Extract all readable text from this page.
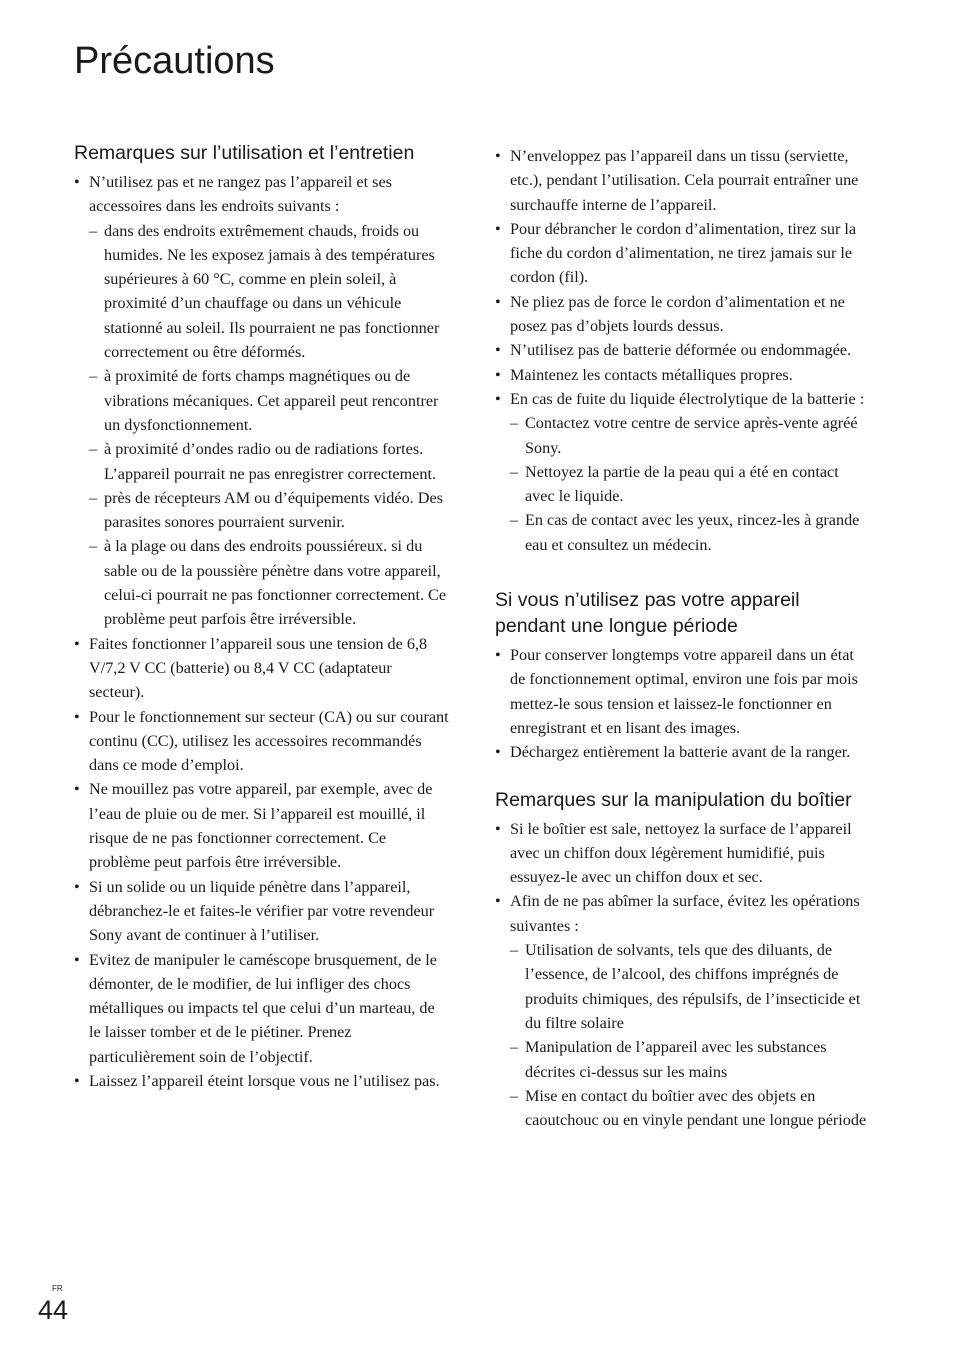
Précautions
Remarques sur l’utilisation et l’entretien
• N’utilisez pas et ne rangez pas l’appareil et ses accessoires dans les endroits suivants :
– dans des endroits extrêmement chauds, froids ou humides. Ne les exposez jamais à des températures supérieures à 60 °C, comme en plein soleil, à proximité d’un chauffage ou dans un véhicule stationné au soleil. Ils pourraient ne pas fonctionner correctement ou être déformés.
– à proximité de forts champs magnétiques ou de vibrations mécaniques. Cet appareil peut rencontrer un dysfonctionnement.
– à proximité d’ondes radio ou de radiations fortes. L’appareil pourrait ne pas enregistrer correctement.
– près de récepteurs AM ou d’équipements vidéo. Des parasites sonores pourraient survenir.
– à la plage ou dans des endroits poussiéreux. si du sable ou de la poussière pénètre dans votre appareil, celui-ci pourrait ne pas fonctionner correctement. Ce problème peut parfois être irréversible.
• Faites fonctionner l’appareil sous une tension de 6,8 V/7,2 V CC (batterie) ou 8,4 V CC (adaptateur secteur).
• Pour le fonctionnement sur secteur (CA) ou sur courant continu (CC), utilisez les accessoires recommandés dans ce mode d’emploi.
• Ne mouillez pas votre appareil, par exemple, avec de l’eau de pluie ou de mer. Si l’appareil est mouillé, il risque de ne pas fonctionner correctement. Ce problème peut parfois être irréversible.
• Si un solide ou un liquide pénètre dans l’appareil, débranchez-le et faites-le vérifier par votre revendeur Sony avant de continuer à l’utiliser.
• Evitez de manipuler le caméscope brusquement, de le démonter, de le modifier, de lui infliger des chocs métalliques ou impacts tel que celui d’un marteau, de le laisser tomber et de le piétiner. Prenez particulièrement soin de l’objectif.
• Laissez l’appareil éteint lorsque vous ne l’utilisez pas.
• N’enveloppez pas l’appareil dans un tissu (serviette, etc.), pendant l’utilisation. Cela pourrait entraîner une surchauffe interne de l’appareil.
• Pour débrancher le cordon d’alimentation, tirez sur la fiche du cordon d’alimentation, ne tirez jamais sur le cordon (fil).
• Ne pliez pas de force le cordon d’alimentation et ne posez pas d’objets lourds dessus.
• N’utilisez pas de batterie déformée ou endommagée.
• Maintenez les contacts métalliques propres.
• En cas de fuite du liquide électrolytique de la batterie :
– Contactez votre centre de service après-vente agréé Sony.
– Nettoyez la partie de la peau qui a été en contact avec le liquide.
– En cas de contact avec les yeux, rincez-les à grande eau et consultez un médecin.
Si vous n’utilisez pas votre appareil pendant une longue période
• Pour conserver longtemps votre appareil dans un état de fonctionnement optimal, environ une fois par mois mettez-le sous tension et laissez-le fonctionner en enregistrant et en lisant des images.
• Déchargez entièrement la batterie avant de la ranger.
Remarques sur la manipulation du boîtier
• Si le boîtier est sale, nettoyez la surface de l’appareil avec un chiffon doux légèrement humidifié, puis essuyez-le avec un chiffon doux et sec.
• Afin de ne pas abîmer la surface, évitez les opérations suivantes :
– Utilisation de solvants, tels que des diluants, de l’essence, de l’alcool, des chiffons imprégnés de produits chimiques, des répulsifs, de l’insecticide et du filtre solaire
– Manipulation de l’appareil avec les substances décrites ci-dessus sur les mains
– Mise en contact du boîtier avec des objets en caoutchouc ou en vinyle pendant une longue période
FR
44
